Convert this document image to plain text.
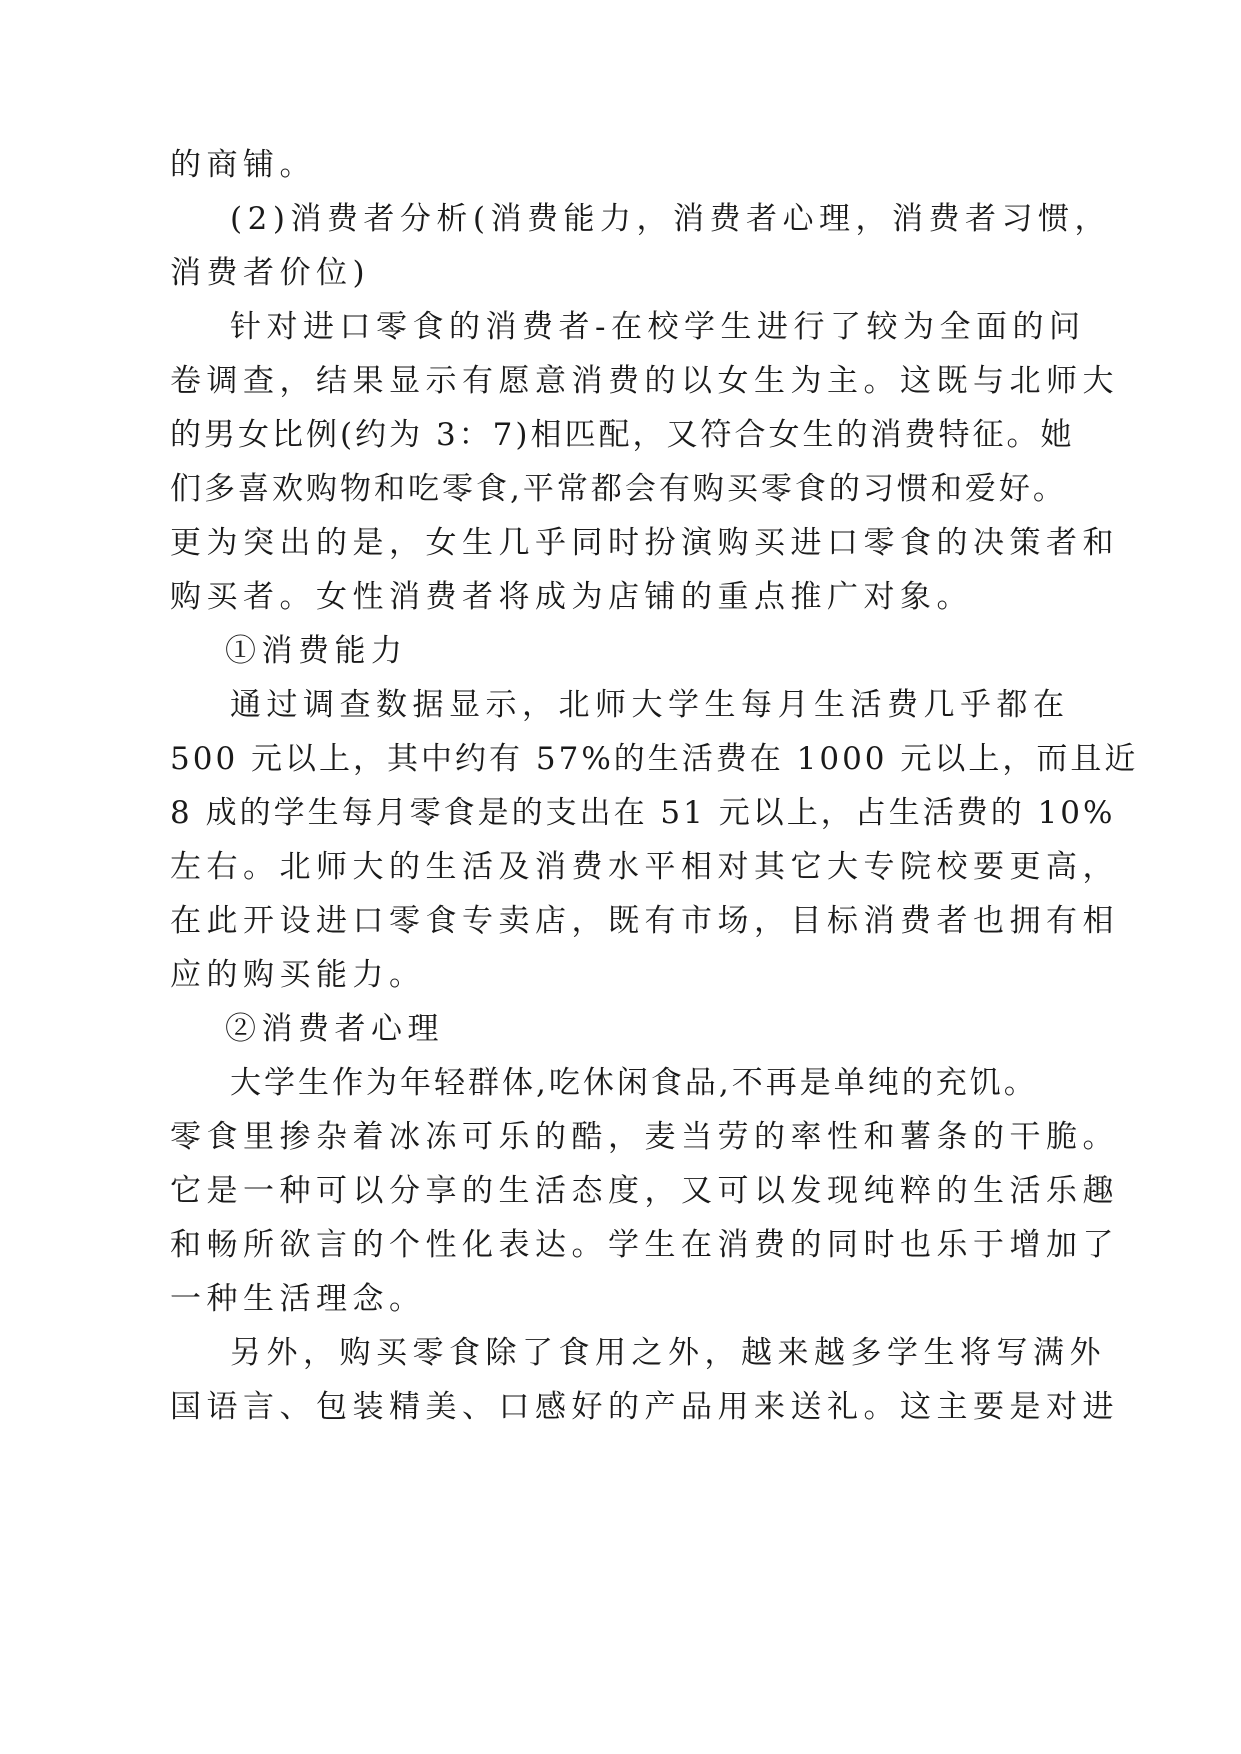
的商铺。
(2)消费者分析(消费能力，消费者心理，消费者习惯，
消费者价位)
针对进口零食的消费者-在校学生进行了较为全面的问
卷调查，结果显示有愿意消费的以女生为主。这既与北师大
的男女比例(约为 3：7)相匹配，又符合女生的消费特征。她
们多喜欢购物和吃零食,平常都会有购买零食的习惯和爱好。
更为突出的是，女生几乎同时扮演购买进口零食的决策者和
购买者。女性消费者将成为店铺的重点推广对象。
①消费能力
通过调查数据显示，北师大学生每月生活费几乎都在
500 元以上，其中约有 57%的生活费在 1000 元以上，而且近
8 成的学生每月零食是的支出在 51 元以上，占生活费的 10%
左右。北师大的生活及消费水平相对其它大专院校要更高，
在此开设进口零食专卖店，既有市场，目标消费者也拥有相
应的购买能力。
②消费者心理
大学生作为年轻群体,吃休闲食品,不再是单纯的充饥。
零食里掺杂着冰冻可乐的酷，麦当劳的率性和薯条的干脆。
它是一种可以分享的生活态度，又可以发现纯粹的生活乐趣
和畅所欲言的个性化表达。学生在消费的同时也乐于增加了
一种生活理念。
另外，购买零食除了食用之外，越来越多学生将写满外
国语言、包装精美、口感好的产品用来送礼。这主要是对进
